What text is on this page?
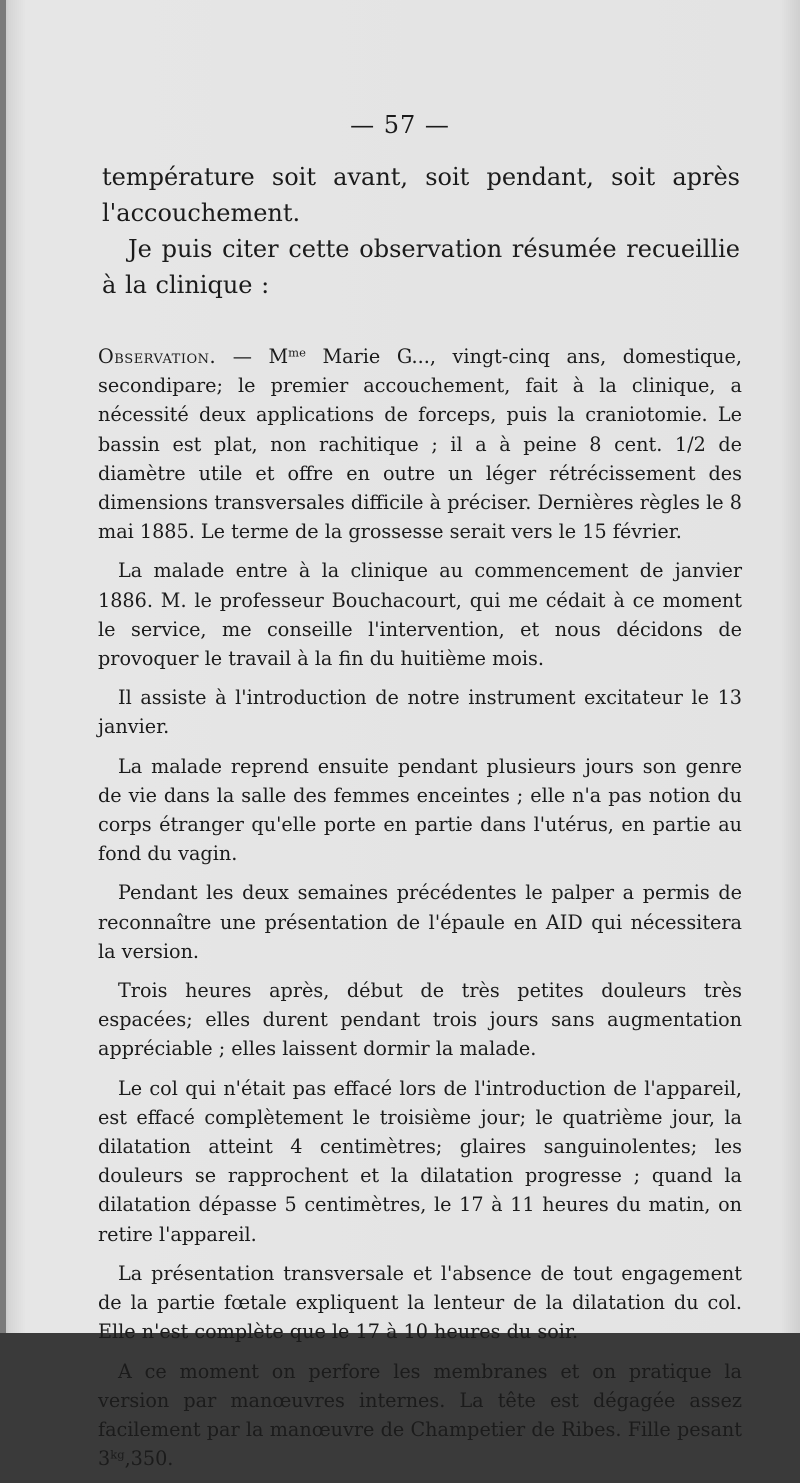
— 57 —

température soit avant, soit pendant, soit après l'accouchement.

Je puis citer cette observation résumée recueillie à la clinique :

Observation. — $M^{me}$ Marie G..., vingt-cinq ans, domestique, secondipare; le premier accouchement, fait à la clinique, a nécessité deux applications de forceps, puis la craniotomie. Le bassin est plat, non rachitique ; il a à peine 8 cent. 1/2 de diamètre utile et offre en outre un léger rétrécissement des dimensions transversales difficile à préciser. Dernières règles le 8 mai 1885. Le terme de la grossesse serait vers le 15 février.

La malade entre à la clinique au commencement de janvier 1886. M. le professeur Bouchacourt, qui me cédait à ce moment le service, me conseille l'intervention, et nous décidons de provoquer le travail à la fin du huitième mois.

Il assiste à l'introduction de notre instrument excitateur le 13 janvier.

La malade reprend ensuite pendant plusieurs jours son genre de vie dans la salle des femmes enceintes ; elle n'a pas notion du corps étranger qu'elle porte en partie dans l'utérus, en partie au fond du vagin.

Pendant les deux semaines précédentes le palper a permis de reconnaître une présentation de l'épaule en AID qui nécessitera la version.

Trois heures après, début de très petites douleurs très espacées; elles durent pendant trois jours sans augmentation appréciable ; elles laissent dormir la malade.

Le col qui n'était pas effacé lors de l'introduction de l'appareil, est effacé complètement le troisième jour; le quatrième jour, la dilatation atteint 4 centimètres; glaires sanguinolentes; les douleurs se rapprochent et la dilatation progresse ; quand la dilatation dépasse 5 centimètres, le 17 à 11 heures du matin, on retire l'appareil.

La présentation transversale et l'absence de tout engagement de la partie fœtale expliquent la lenteur de la dilatation du col. Elle n'est complète que le 17 à 10 heures du soir.

A ce moment on perfore les membranes et on pratique la version par manœuvres internes. La tête est dégagée assez facilement par la manœuvre de Champetier de Ribes. Fille pesant $3^{kg},350$.
